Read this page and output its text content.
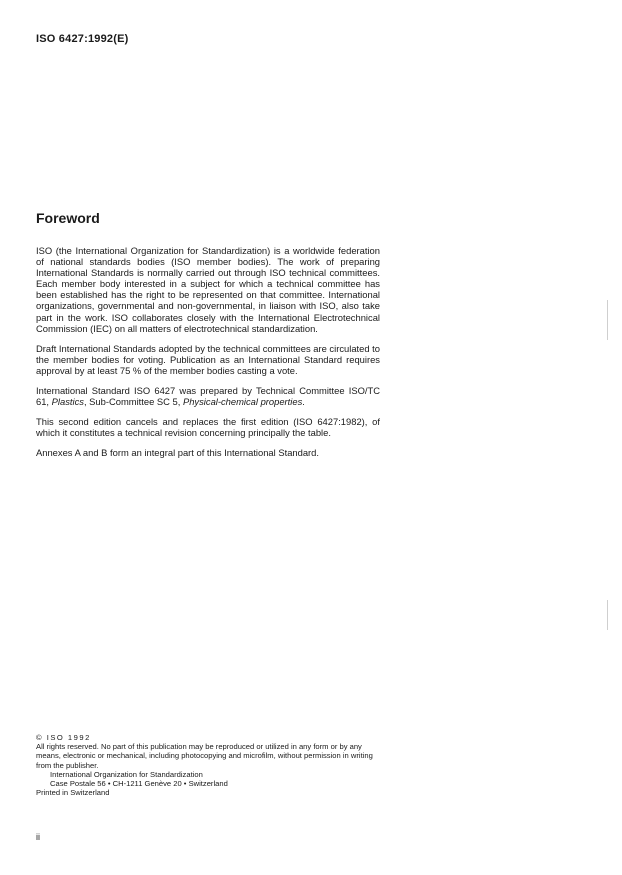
ISO 6427:1992(E)
Foreword

ISO (the International Organization for Standardization) is a worldwide federation of national standards bodies (ISO member bodies). The work of preparing International Standards is normally carried out through ISO technical committees. Each member body interested in a subject for which a technical committee has been established has the right to be represented on that committee. International organizations, governmental and non-governmental, in liaison with ISO, also take part in the work. ISO collaborates closely with the International Electrotechnical Commission (IEC) on all matters of electrotechnical standardization.

Draft International Standards adopted by the technical committees are circulated to the member bodies for voting. Publication as an International Standard requires approval by at least 75 % of the member bodies casting a vote.

International Standard ISO 6427 was prepared by Technical Committee ISO/TC 61, Plastics, Sub-Committee SC 5, Physical-chemical properties.

This second edition cancels and replaces the first edition (ISO 6427:1982), of which it constitutes a technical revision concerning principally the table.

Annexes A and B form an integral part of this International Standard.

© ISO 1992
All rights reserved. No part of this publication may be reproduced or utilized in any form or by any means, electronic or mechanical, including photocopying and microfilm, without permission in writing from the publisher.
International Organization for Standardization
Case Postale 56 • CH-1211 Genève 20 • Switzerland
Printed in Switzerland
ii
